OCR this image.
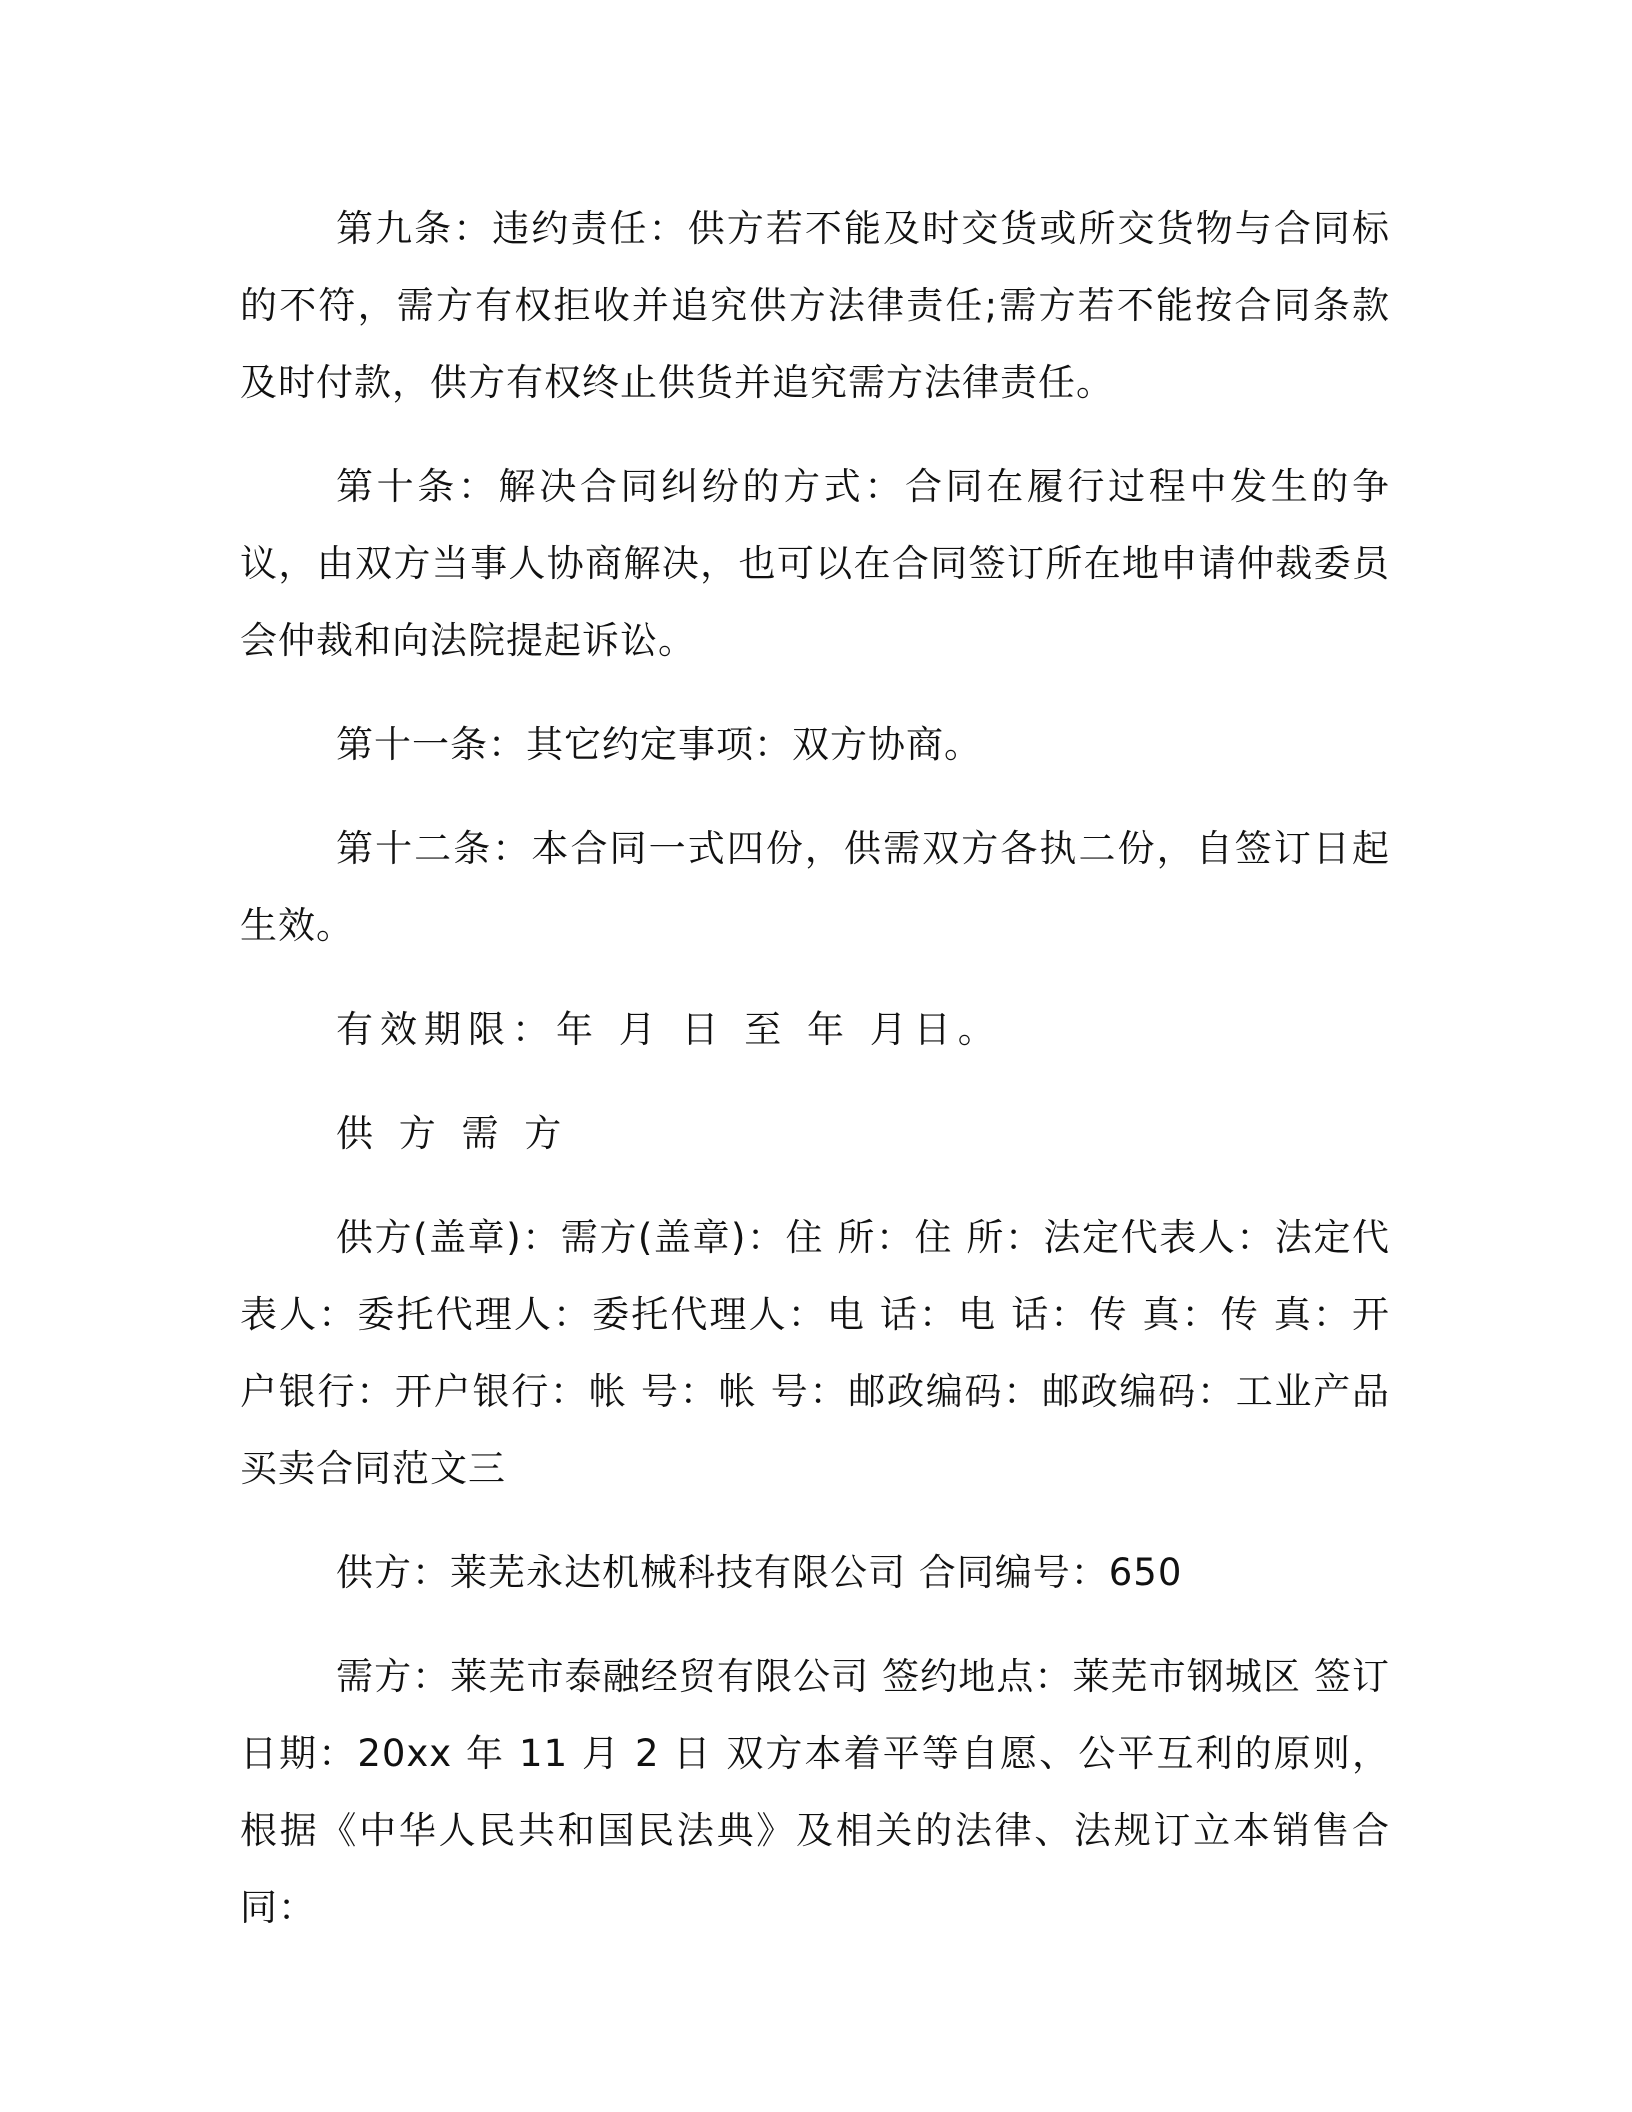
第九条：违约责任：供方若不能及时交货或所交货物与合同标的不符，需方有权拒收并追究供方法律责任;需方若不能按合同条款及时付款，供方有权终止供货并追究需方法律责任。

第十条：解决合同纠纷的方式：合同在履行过程中发生的争议，由双方当事人协商解决，也可以在合同签订所在地申请仲裁委员会仲裁和向法院提起诉讼。

第十一条：其它约定事项：双方协商。

第十二条：本合同一式四份，供需双方各执二份，自签订日起生效。

有效期限：年 月 日 至 年 月日。

供 方 需 方

供方(盖章)：需方(盖章)：住 所：住 所：法定代表人：法定代表人：委托代理人：委托代理人：电 话：电 话：传 真：传 真：开户银行：开户银行：帐 号：帐 号：邮政编码：邮政编码：工业产品买卖合同范文三

供方：莱芜永达机械科技有限公司 合同编号：650

需方：莱芜市泰融经贸有限公司 签约地点：莱芜市钢城区 签订日期：20xx 年 11 月 2 日 双方本着平等自愿、公平互利的原则，根据《中华人民共和国民法典》及相关的法律、法规订立本销售合同：
